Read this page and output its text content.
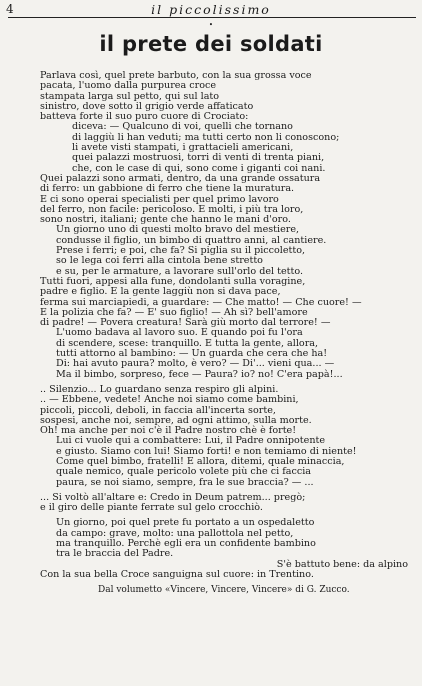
4	il piccolissimo
•
il prete dei soldati
Parlava così, quel prete barbuto, con la sua grossa voce
pacata, l'uomo dalla purpurea croce
stampata larga sul petto, qui sul lato
sinistro, dove sotto il grigio verde affaticato
batteva forte il suo puro cuore di Crociato:
diceva: — Qualcuno di voi, quelli che tornano
di laggiù li han veduti; ma tutti certo non li conoscono;
li avete visti stampati, i grattacieli americani,
quei palazzi mostruosi, torri di venti di trenta piani,
che, con le case di qui, sono come i giganti coi nani.
Quei palazzi sono armati, dentro, da una grande ossatura
di ferro: un gabbione di ferro che tiene la muratura.
E ci sono operai specialisti per quel primo lavoro
del ferro, non facile: pericoloso. E molti, i più tra loro,
sono nostri, italiani; gente che hanno le mani d'oro.
Un giorno uno di questi molto bravo del mestiere,
condusse il figlio, un bimbo di quattro anni, al cantiere.
Prese i ferri; e poi, che fa? Si piglia su il piccoletto,
so le lega coi ferri alla cintola bene stretto
e su, per le armature, a lavorare sull'orlo del tetto.
Tutti fuori, appesi alla fune, dondolanti sulla voragine,
padre e figlio. E la gente laggiù non si dava pace,
ferma sui marciapiedi, a guardare: — Che matto! — Che cuore! —
E la polizia che fa? — E' suo figlio! — Ah sì? bell'amore
di padre! — Povera creatura! Sarà giù morto dal terrore! —
L'uomo badava al lavoro suo. E quando poi fu l'ora
di scendere, scese: tranquillo. E tutta la gente, allora,
tutti attorno al bambino: — Un guarda che cera che ha!
Di: hai avuto paura? molto, è vero? — Di'... vieni qua... —
Ma il bimbo, sorpreso, fece — Paura? io? no! C'era papà!...
.. Silenzio... Lo guardano senza respiro gli alpini.
.. — Ebbene, vedete! Anche noi siamo come bambini,
piccoli, piccoli, deboli, in faccia all'incerta sorte,
sospesi, anche noi, sempre, ad ogni attimo, sulla morte.
Oh! ma anche per noi c'è il Padre nostro chè è forte!
Lui ci vuole qui a combattere: Lui, il Padre onnipotente
e giusto. Siamo con lui! Siamo forti! e non temiamo di niente!
Come quel bimbo, fratelli! E allora, ditemi, quale minaccia,
quale nemico, quale pericolo volete più che ci faccia
paura, se noi siamo, sempre, fra le sue braccia? — ...
... Si voltò all'altare e: Credo in Deum patrem... pregò;
e il giro delle piante ferrate sul gelo crocchiò.
Un giorno, poi quel prete fu portato a un ospedaletto
da campo: grave, molto: una pallottola nel petto,
ma tranquillo. Perchè egli era un confidente bambino
tra le braccia del Padre.
S'è battuto bene: da alpino
Con la sua bella Croce sanguigna sul cuore: in Trentino.
Dal volumetto «Vincere, Vincere, Vincere» di G. Zucco.
